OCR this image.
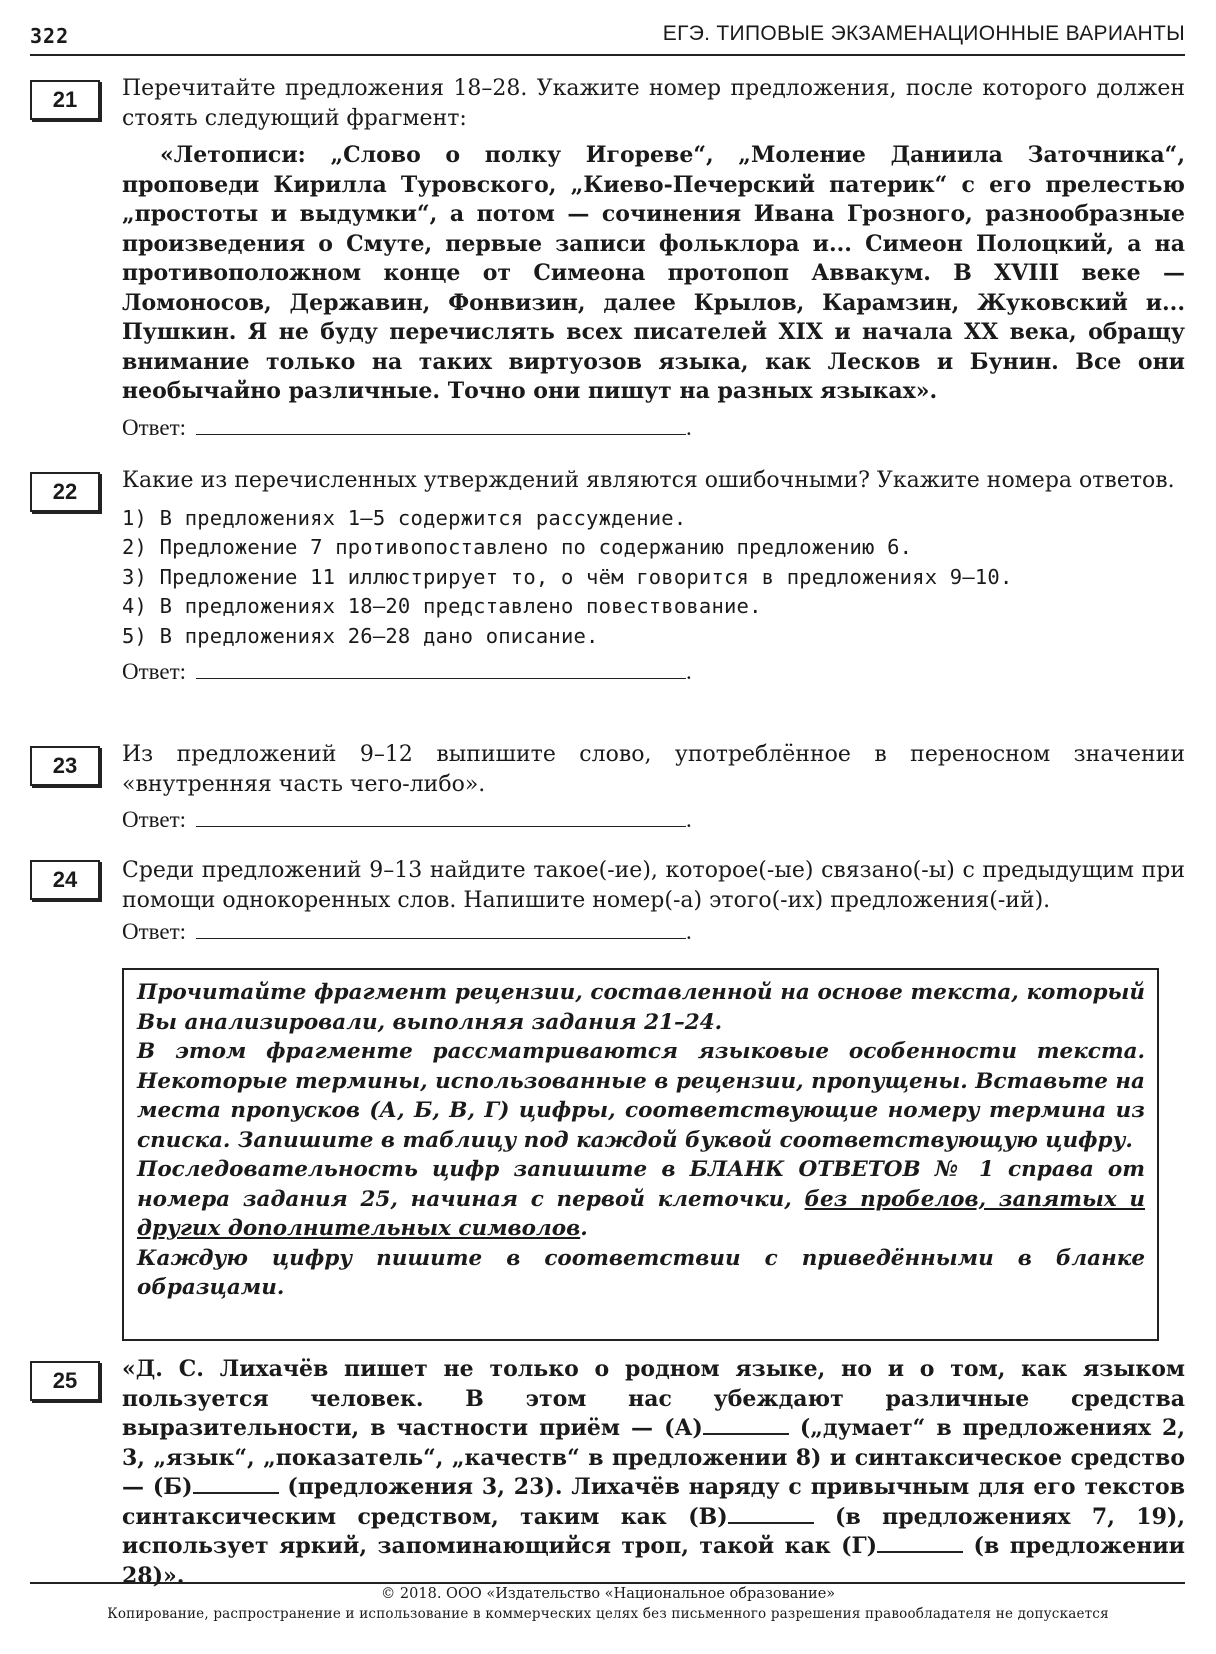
322	ЕГЭ. ТИПОВЫЕ ЭКЗАМЕНАЦИОННЫЕ ВАРИАНТЫ
21	Перечитайте предложения 18–28. Укажите номер предложения, после которого должен стоять следующий фрагмент:

«Летописи: „Слово о полку Игореве“, „Моление Даниила Заточника“, проповеди Кирилла Туровского, „Киево-Печерский патерик“ с его прелестью „простоты и выдумки“, а потом — сочинения Ивана Грозного, разнообразные произведения о Смуте, первые записи фольклора и... Симеон Полоцкий, а на противоположном конце от Симеона протопоп Аввакум. В XVIII веке — Ломоносов, Державин, Фонвизин, далее Крылов, Карамзин, Жуковский и... Пушкин. Я не буду перечислять всех писателей XIX и начала XX века, обращу внимание только на таких виртуозов языка, как Лесков и Бунин. Все они необычайно различные. Точно они пишут на разных языках».

Ответ:	.

22	Какие из перечисленных утверждений являются ошибочными? Укажите номера ответов.

1) В предложениях 1–5 содержится рассуждение.
2) Предложение 7 противопоставлено по содержанию предложению 6.
3) Предложение 11 иллюстрирует то, о чём говорится в предложениях 9–10.
4) В предложениях 18–20 представлено повествование.
5) В предложениях 26–28 дано описание.

Ответ:	.

23	Из предложений 9–12 выпишите слово, употреблённое в переносном значении «внутренняя часть чего-либо».

Ответ:	.

24	Среди предложений 9–13 найдите такое(-ие), которое(-ые) связано(-ы) с предыдущим при помощи однокоренных слов. Напишите номер(-а) этого(-их) предложения(-ий).

Ответ:	.

Прочитайте фрагмент рецензии, составленной на основе текста, который Вы анализировали, выполняя задания 21–24.

В этом фрагменте рассматриваются языковые особенности текста. Некоторые термины, использованные в рецензии, пропущены. Вставьте на места пропусков (А, Б, В, Г) цифры, соответствующие номеру термина из списка. Запишите в таблицу под каждой буквой соответствующую цифру.

Последовательность цифр запишите в БЛАНК ОТВЕТОВ № 1 справа от номера задания 25, начиная с первой клеточки, без пробелов, запятых и других дополнительных символов.

Каждую цифру пишите в соответствии с приведёнными в бланке образцами.

25	«Д. С. Лихачёв пишет не только о родном языке, но и о том, как языком пользуется человек. В этом нас убеждают различные средства выразительности, в частности приём — (А)	(„думает“ в предложениях 2, 3, „язык“, „показатель“, „качеств“ в предложении 8) и синтаксическое средство — (Б)	(предложения 3, 23). Лихачёв наряду с привычным для его текстов синтаксическим средством, таким как (В)	(в предложениях 7, 19), использует яркий, запоминающийся троп, такой как (Г)	(в предложении 28)».

© 2018. ООО «Издательство «Национальное образование»
Копирование, распространение и использование в коммерческих целях без письменного разрешения правообладателя не допускается
